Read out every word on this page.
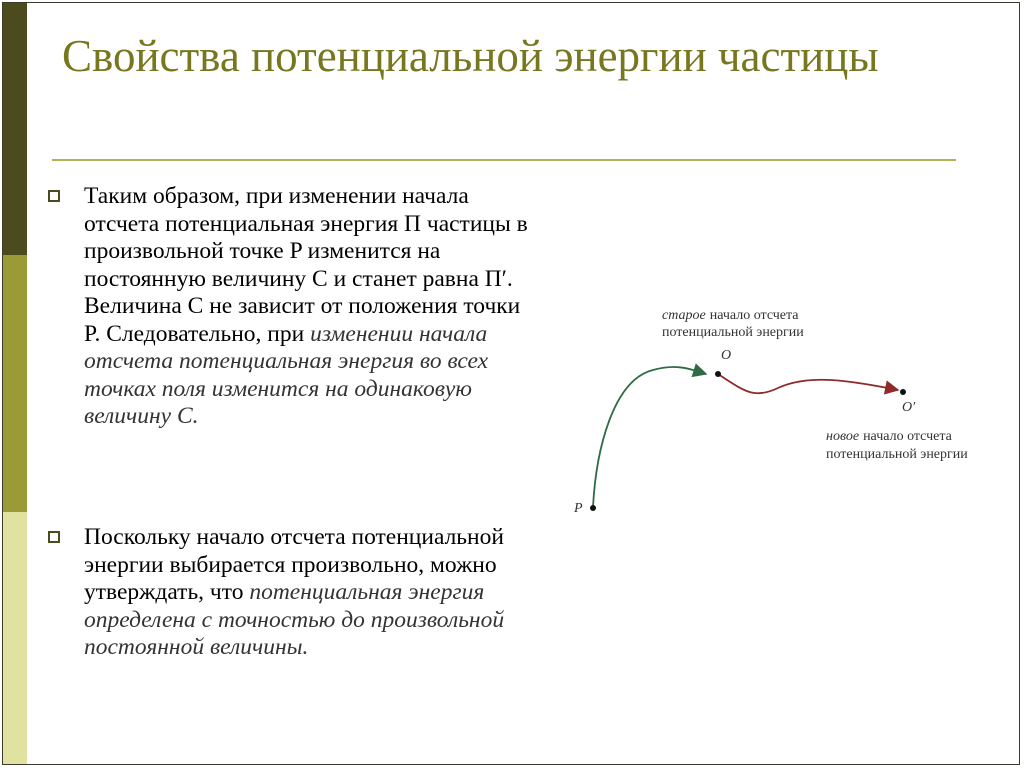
Свойства потенциальной энергии частицы
Таким образом, при изменении начала отсчета потенциальная энергия П частицы в произвольной точке P изменится на постоянную величину C и станет равна П′. Величина C не зависит от положения точки P. Следовательно, при изменении начала отсчета потенциальная энергия во всех точках поля изменится на одинаковую величину C.
Поскольку начало отсчета потенциальной энергии выбирается произвольно, можно утверждать, что потенциальная энергия определена с точностью до произвольной постоянной величины.
старое начало отсчета
потенциальной энергии
O
O′
P
новое начало отсчета
потенциальной энергии
